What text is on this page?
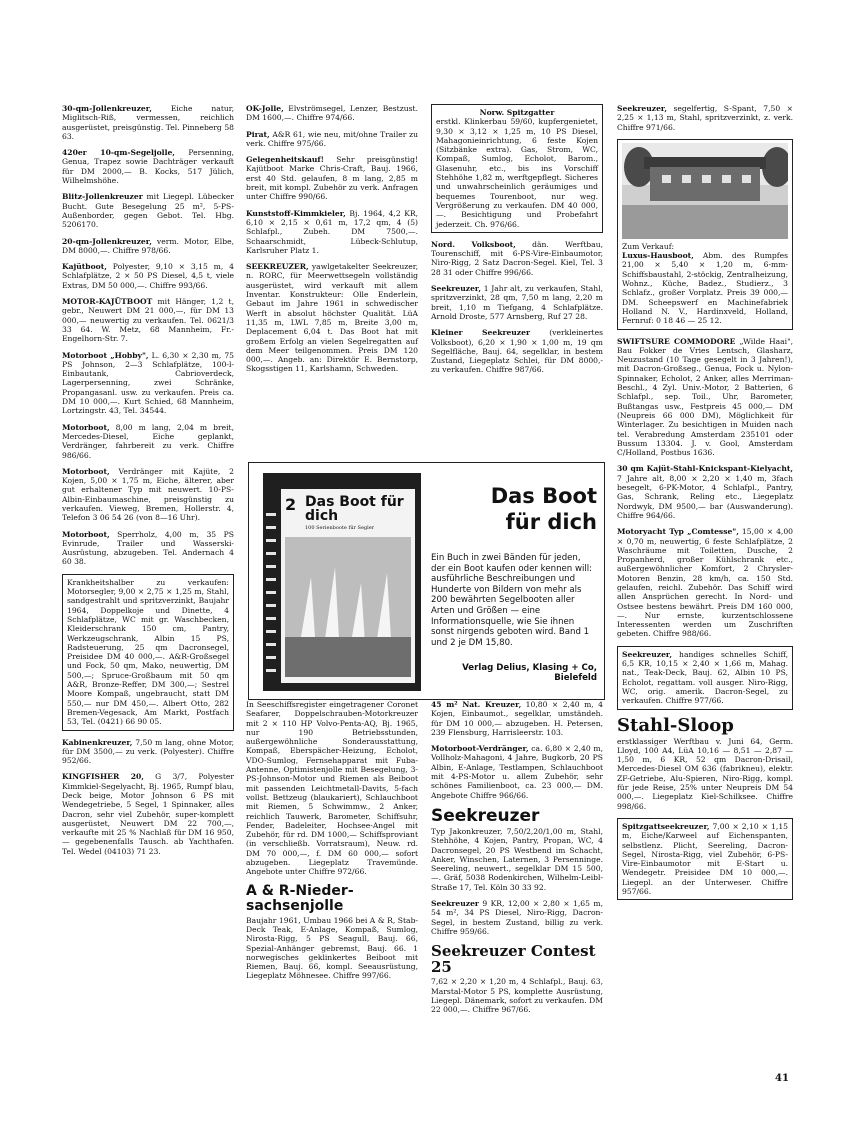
30-qm-Jollenkreuzer, Eiche natur, Miglitsch-Riß, vermessen, reichlich ausgerüstet, preisgünstig. Tel. Pinneberg 58 63.
420er 10-qm-Segeljolle, Persenning, Genua, Trapez sowie Dachträger verkauft für DM 2000,— B. Kocks, 517 Jülich, Wilhelmshöhe.
Blitz-Jollenkreuzer mit Liegepl. Lübecker Bucht. Gute Besegelung 25 m², 5-PS-Außenborder, gegen Gebot. Tel. Hbg. 5206170.
20-qm-Jollenkreuzer, verm. Motor, Elbe, DM 8000,—. Chiffre 978/66.
Kajütboot, Polyester, 9,10 × 3,15 m, 4 Schlafplätze, 2 × 50 PS Diesel, 4,5 t, viele Extras, DM 50 000,—. Chiffre 993/66.
MOTOR-KAJÜTBOOT mit Hänger, 1,2 t, gebr., Neuwert DM 21 000,—, für DM 13 000,— neuwertig zu verkaufen. Tel. 0621/3 33 64. W. Metz, 68 Mannheim, Fr.-Engelhorn-Str. 7.
Motorboot „Hobby", L. 6,30 × 2,30 m, 75 PS Johnson, 2—3 Schlafplätze, 100-l-Einbautank, Cabrioverdeck, Lagerpersenning, zwei Schränke, Propangasanl. usw. zu verkaufen. Preis ca. DM 10 000,—. Kurt Schied, 68 Mannheim, Lortzingstr. 43, Tel. 34544.
Motorboot, 8,00 m lang, 2,04 m breit, Mercedes-Diesel, Eiche geplankt, Verdränger, fahrbereit zu verk. Chiffre 986/66.
Motorboot, Verdränger mit Kajüte, 2 Kojen, 5,00 × 1,75 m, Eiche, älterer, aber gut erhaltener Typ mit neuwert. 10-PS-Albin-Einbaumaschine, preisgünstig zu verkaufen. Vieweg, Bremen, Hollerstr. 4, Telefon 3 06 54 26 (von 8—16 Uhr).
Motorboot, Sperrholz, 4,00 m, 35 PS Evinrude, Trailer und Wasserski-Ausrüstung, abzugeben. Tel. Andernach 4 60 38.
Krankheitshalber zu verkaufen: Motorsegler, 9,00 × 2,75 × 1,25 m, Stahl, sandgestrahlt und spritzverzinkt, Baujahr 1964, Doppelkoje und Dinette, 4 Schlafplätze, WC mit gr. Waschbecken, Kleiderschrank 150 cm, Pantry, Werkzeugschrank, Albin 15 PS, Radsteuerung, 25 qm Dacronsegel, Preisidee DM 40 000,—. A&R-Großsegel und Fock, 50 qm, Mako, neuwertig, DM 500,—; Spruce-Großbaum mit 50 qm A&R, Bronze-Reffer, DM 300,—; Sestrel Moore Kompaß, ungebraucht, statt DM 550,— nur DM 450,—. Albert Otto, 282 Bremen-Vegesack, Am Markt, Postfach 53, Tel. (0421) 66 90 05.
Kabinenkreuzer, 7,50 m lang, ohne Motor, für DM 3500,— zu verk. (Polyester). Chiffre 952/66.
KINGFISHER 20, G 3/7, Polyester Kimmkiel-Segelyacht, Bj. 1965, Rumpf blau, Deck beige, Motor Johnson 6 PS mit Wendegetriebe, 5 Segel, 1 Spinnaker, alles Dacron, sehr viel Zubehör, super-komplett ausgerüstet, Neuwert DM 22 700,—, verkaufte mit 25 % Nachlaß für DM 16 950,— gegebenenfalls Tausch. ab Yachthafen. Tel. Wedel (04103) 71 23.
OK-Jolle, Elvströmsegel, Lenzer, Bestzust. DM 1600,—. Chiffre 974/66.
Pirat, A&R 61, wie neu, mit/ohne Trailer zu verk. Chiffre 975/66.
Gelegenheitskauf! Sehr preisgünstig! Kajütboot Marke Chris-Craft, Bauj. 1966, erst 40 Std. gelaufen, 8 m lang, 2,85 m breit, mit kompl. Zubehör zu verk. Anfragen unter Chiffre 990/66.
Kunststoff-Kimmkieler, Bj. 1964, 4,2 KR, 6,10 × 2,15 × 0,61 m, 17,2 qm, 4 (5) Schlafpl., Zubeh. DM 7500,—. Schaarschmidt, Lübeck-Schlutup, Karlsruher Platz 1.
SEEKREUZER, yawlgetakelter Seekreuzer, n. RORC, für Meerwettsegeln vollständig ausgerüstet, wird verkauft mit allem Inventar. Konstrukteur: Olle Enderlein, Gebaut im Jahre 1961 in schwedischer Werft in absolut höchster Qualität. LüA 11,35 m, LWL 7,85 m, Breite 3,00 m, Deplacement 6,04 t. Das Boot hat mit großem Erfolg an vielen Segelregatten auf dem Meer teilgenommen. Preis DM 120 000,—. Angeb. an: Direktör E. Bernstorp, Skogsstigen 11, Karlshamn, Schweden.
In Seeschiffsregister eingetragener Coronet Seafarer, Doppelschrauben-Motorkreuzer mit 2 × 110 HP Volvo-Penta-AQ, Bj. 1965, nur 190 Betriebsstunden, außergewöhnliche Sonderausstattung, Kompaß, Eberspächer-Heizung, Echolot, VDO-Sumlog, Fernsehapparat mit Fuba-Antenne, Optimistenjolle mit Besegelung, 3-PS-Johnson-Motor und Riemen als Beiboot mit passenden Leichtmetall-Davits, 5-fach vollst. Bettzeug (blaukariert), Schlauchboot mit Riemen, 5 Schwimmw., 2 Anker, reichlich Tauwerk, Barometer, Schiffsuhr, Fender, Badeleiter, Hochsee-Angel mit Zubehör, für rd. DM 1000,— Schiffsproviant (in verschließb. Vorratsraum), Neuw. rd. DM 70 000,—, f. DM 60 000,— sofort abzugeben. Liegeplatz Travemünde. Angebote unter Chiffre 972/66.
A & R-Nieder-sachsenjolle
Baujahr 1961, Umbau 1966 bei A & R, Stab-Deck Teak, E-Anlage, Kompaß, Sumlog, Nirosta-Rigg, 5 PS Seagull, Bauj. 66, Spezial-Anhänger gebremst, Bauj. 66. 1 norwegisches geklinkertes Beiboot mit Riemen, Bauj. 66, kompl. Seeausrüstung, Liegeplatz Möhnesee. Chiffre 997/66.
Norw. Spitzgatter
erstkl. Klinkerbau 59/60, kupfergenietet, 9,30 × 3,12 × 1,25 m, 10 PS Diesel, Mahagonieinrichtung, 6 feste Kojen (Sitzbänke extra). Gas, Strom, WC, Kompaß, Sumlog, Echolot, Barom., Glasenuhr, etc., bis ins Vorschiff Stehhöhe 1,82 m, werftgepflegt. Sicheres und unwahrscheinlich geräumiges und bequemes Tourenboot, nur weg. Vergrößerung zu verkaufen. DM 40 000,—. Besichtigung und Probefahrt jederzeit. Ch. 976/66.
Nord. Volksboot, dän. Werftbau, Tourenschiff, mit 6-PS-Vire-Einbaumotor, Niro-Rigg, 2 Satz Dacron-Segel. Kiel, Tel. 3 28 31 oder Chiffre 996/66.
Seekreuzer, 1 Jahr alt, zu verkaufen, Stahl, spritzverzinkt, 28 qm, 7,50 m lang, 2,20 m breit, 1,10 m Tiefgang, 4 Schlafplätze. Arnold Droste, 577 Arnsberg, Ruf 27 28.
Kleiner Seekreuzer (verkleinertes Volksboot), 6,20 × 1,90 × 1,00 m, 19 qm Segelfläche, Bauj. 64, segelklar, in bestem Zustand, Liegeplatz Schlei, für DM 8000,- zu verkaufen. Chiffre 987/66.
45 m² Nat. Kreuzer, 10,80 × 2,40 m, 4 Kojen, Einbaumot., segelklar, umständeh. für DM 10 000,— abzugeben. H. Petersen, 239 Flensburg, Harrisleerstr. 103.
Motorboot-Verdränger, ca. 6,80 × 2,40 m, Vollholz-Mahagoni, 4 Jahre, Bugkorb, 20 PS Albin, E-Anlage, Testlampen, Schlauchboot mit 4-PS-Motor u. allem Zubehör, sehr schönes Familienboot, ca. 23 000,— DM. Angebote Chiffre 966/66.
Seekreuzer
Typ Jakonkreuzer, 7,50/2,20/1,00 m, Stahl, Stehhöhe, 4 Kojen, Pantry, Propan, WC, 4 Dacronsegel, 20 PS Westbend im Schacht, Anker, Winschen, Laternen, 3 Persenninge. Seereling, neuwert., segelklar DM 15 500,—. Gräf, 5038 Rodenkirchen, Wilhelm-Leibl-Straße 17, Tel. Köln 30 33 92.
Seekreuzer 9 KR, 12,00 × 2,80 × 1,65 m, 54 m², 34 PS Diesel, Niro-Rigg, Dacron-Segel, in bestem Zustand, billig zu verk. Chiffre 959/66.
Seekreuzer Contest 25
7,62 × 2,20 × 1,20 m, 4 Schlafpl., Bauj. 63, Marstal-Motor 5 PS, komplette Ausrüstung, Liegepl. Dänemark, sofort zu verkaufen. DM 22 000,—. Chiffre 967/66.
2 Das Boot für dich
100 Serienboote für Segler
Das Boot
für dich
Ein Buch in zwei Bänden für jeden, der ein Boot kaufen oder kennen will: ausführliche Beschreibungen und Hunderte von Bildern von mehr als 200 bewährten Segelbooten aller Arten und Größen — eine Informationsquelle, wie Sie ihnen sonst nirgends geboten wird. Band 1 und 2 je DM 15,80.
Verlag Delius, Klasing + Co, Bielefeld
Seekreuzer, segelfertig, S-Spant, 7,50 × 2,25 × 1,13 m, Stahl, spritzverzinkt, z. verk. Chiffre 971/66.
Zum Verkauf:
Luxus-Hausboot, Abm. des Rumpfes 21,00 × 5,40 × 1,20 m, 6-mm-Schiffsbaustahl, 2-stöckig, Zentralheizung, Wohnz., Küche, Badez., Studierz., 3 Schlafz., großer Vorplatz. Preis 39 000,— DM. Scheepswerf en Machinefabriek Holland N. V., Hardinxveld, Holland, Fernruf: 0 18 46 — 25 12.
SWIFTSURE COMMODORE „Wilde Haai", Bau Fokker de Vries Lentsch, Glasharz, Neuzustand (10 Tage gesegelt in 3 Jahren!), mit Dacron-Großseg., Genua, Fock u. Nylon-Spinnaker, Echolot, 2 Anker, alles Merriman-Beschl., 4 Zyl. Univ.-Motor, 2 Batterien, 6 Schlafpl., sep. Toil., Uhr, Barometer, Bußtangas usw., Festpreis 45 000,— DM (Neupreis 66 000 DM), Möglichkeit für Winterlager. Zu besichtigen in Muiden nach tel. Verabredung Amsterdam 235101 oder Bussum 13304. J. v. Gool, Amsterdam C/Holland, Postbus 1636.
30 qm Kajüt-Stahl-Knickspant-Kielyacht, 7 Jahre alt, 8,00 × 2,20 × 1,40 m, 3fach besegelt, 6-PK-Motor, 4 Schlafpl., Pantry, Gas, Schrank, Reling etc., Liegeplatz Nordwyk, DM 9500,— bar (Auswanderung). Chiffre 964/66.
Motoryacht Typ „Comtesse", 15,00 × 4,00 × 0,70 m, neuwertig, 6 feste Schlafplätze, 2 Waschräume mit Toiletten, Dusche, 2 Propanherd, großer Kühlschrank etc., außergewöhnlicher Komfort, 2 Chrysler-Motoren Benzin, 28 km/h, ca. 150 Std. gelaufen, reichl. Zubehör. Das Schiff wird allen Ansprüchen gerecht. In Nord- und Ostsee bestens bewährt. Preis DM 160 000,—. Nur ernste, kurzentschlossene Interessenten werden um Zuschriften gebeten. Chiffre 988/66.
Seekreuzer, handiges schnelles Schiff, 6,5 KR, 10,15 × 2,40 × 1,66 m, Mahag. nat., Teak-Deck, Bauj. 62, Albin 10 PS, Echolot, regattam. voll ausger. Niro-Rigg, WC, orig. amerik. Dacron-Segel, zu verkaufen. Chiffre 977/66.
Stahl-Sloop
erstklassiger Werftbau v. Juni 64, Germ. Lloyd, 100 A4, LüA 10,16 — 8,51 — 2,87 — 1,50 m, 6 KR, 52 qm Dacron-Drisail, Mercedes-Diesel OM 636 (fabrikneu), elektr. ZF-Getriebe, Alu-Spieren, Niro-Rigg, kompl. für jede Reise, 25% unter Neupreis DM 54 000,—. Liegeplatz Kiel-Schilksee. Chiffre 998/66.
Spitzgattseekreuzer, 7,00 × 2,10 × 1,15 m, Eiche/Karweel auf Eichenspanten, selbstlenz. Plicht, Seereling, Dacron-Segel, Nirosta-Rigg, viel Zubehör, 6-PS-Vire-Einbaumotor mit E-Start u. Wendegetr. Preisidee DM 10 000,—. Liegepl. an der Unterweser. Chiffre 957/66.
41
